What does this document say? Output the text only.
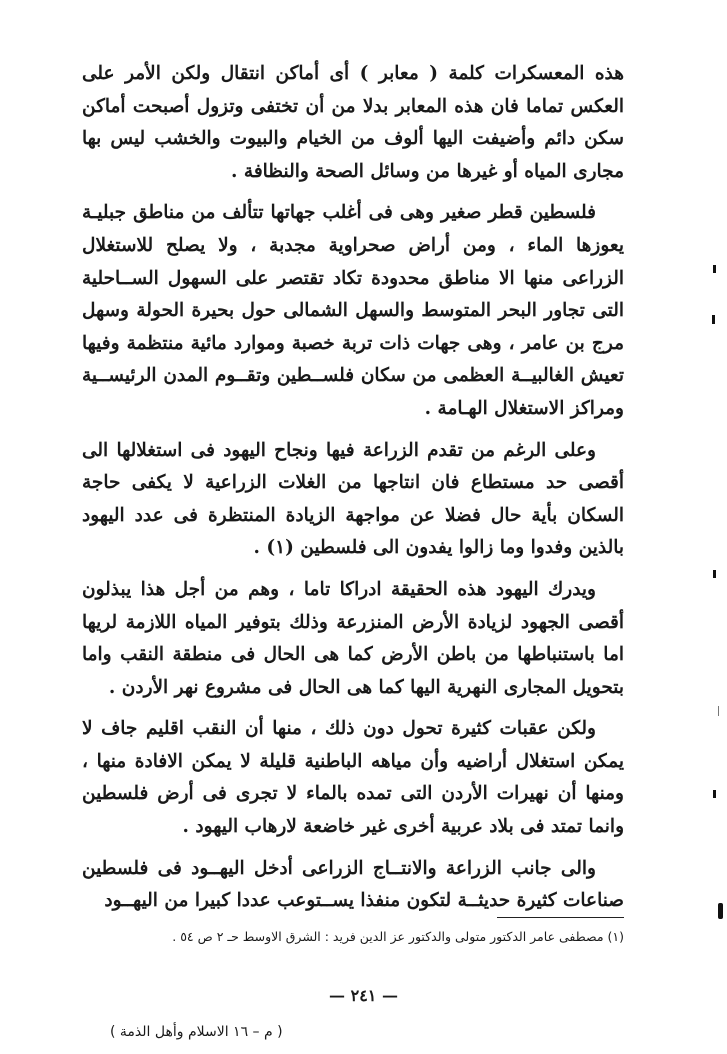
هذه المعسكرات كلمة ( معابر ) أى أماكن انتقال ولكن الأمر على العكس تماما فان هذه المعابر بدلا من أن تختفى وتزول أصبحت أماكن سكن دائم وأضيفت اليها ألوف من الخيام والبيوت والخشب ليس بها مجارى المياه أو غيرها من وسائل الصحة والنظافة .

فلسطين قطر صغير وهى فى أغلب جهاتها تتألف من مناطق جبليـة يعوزها الماء ، ومن أراض صحراوية مجدبة ، ولا يصلح للاستغلال الزراعى منها الا مناطق محدودة تكاد تقتصر على السهول الســاحلية التى تجاور البحر المتوسط والسهل الشمالى حول بحيرة الحولة وسهل مرج بن عامر ، وهى جهات ذات تربة خصبة وموارد مائية منتظمة وفيها تعيش الغالبيــة العظمى من سكان فلســطين وتقــوم المدن الرئيســية ومراكز الاستغلال الهـامة .

وعلى الرغم من تقدم الزراعة فيها ونجاح اليهود فى استغلالها الى أقصى حد مستطاع فان انتاجها من الغلات الزراعية لا يكفى حاجة السكان بأية حال فضلا عن مواجهة الزيادة المنتظرة فى عدد اليهود بالذين وفدوا وما زالوا يفدون الى فلسطين (١) .

ويدرك اليهود هذه الحقيقة ادراكا تاما ، وهم من أجل هذا يبذلون أقصى الجهود لزيادة الأرض المنزرعة وذلك بتوفير المياه اللازمة لريها اما باستنباطها من باطن الأرض كما هى الحال فى منطقة النقب واما بتحويل المجارى النهرية اليها كما هى الحال فى مشروع نهر الأردن .

ولكن عقبات كثيرة تحول دون ذلك ، منها أن النقب اقليم جاف لا يمكن استغلال أراضيه وأن مياهه الباطنية قليلة لا يمكن الافادة منها ، ومنها أن نهيرات الأردن التى تمده بالماء لا تجرى فى أرض فلسطين وانما تمتد فى بلاد عربية أخرى غير خاضعة لارهاب اليهود .

والى جانب الزراعة والانتــاج الزراعى أدخل اليهــود فى فلسطين صناعات كثيرة حديثــة لتكون منفذا يســتوعب عددا كبيرا من اليهــود

(١) مصطفى عامر الدكتور متولى والدكتور عز الدين فريد : الشرق الاوسط حـ ٢ ص ٥٤ .
— ٢٤١ —
( م – ١٦ الاسلام وأهل الذمة )
